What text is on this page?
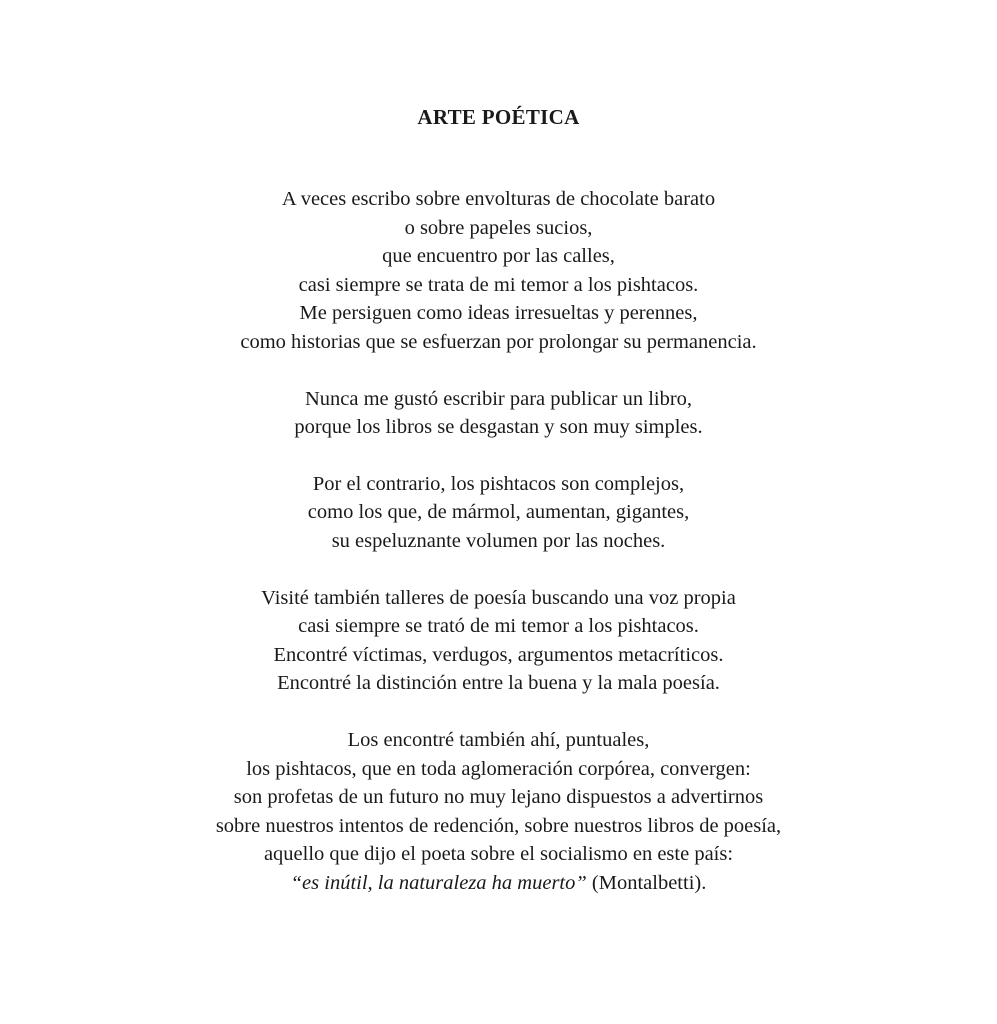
ARTE POÉTICA
A veces escribo sobre envolturas de chocolate barato
o sobre papeles sucios,
que encuentro por las calles,
casi siempre se trata de mi temor a los pishtacos.
Me persiguen como ideas irresueltas y perennes,
como historias que se esfuerzan por prolongar su permanencia.
Nunca me gustó escribir para publicar un libro,
porque los libros se desgastan y son muy simples.
Por el contrario, los pishtacos son complejos,
como los que, de mármol, aumentan, gigantes,
su espeluznante volumen por las noches.
Visité también talleres de poesía buscando una voz propia
casi siempre se trató de mi temor a los pishtacos.
Encontré víctimas, verdugos, argumentos metacríticos.
Encontré la distinción entre la buena y la mala poesía.
Los encontré también ahí, puntuales,
los pishtacos, que en toda aglomeración corpórea, convergen:
son profetas de un futuro no muy lejano dispuestos a advertirnos
sobre nuestros intentos de redención, sobre nuestros libros de poesía,
aquello que dijo el poeta sobre el socialismo en este país:
“es inútil, la naturaleza ha muerto” (Montalbetti).
